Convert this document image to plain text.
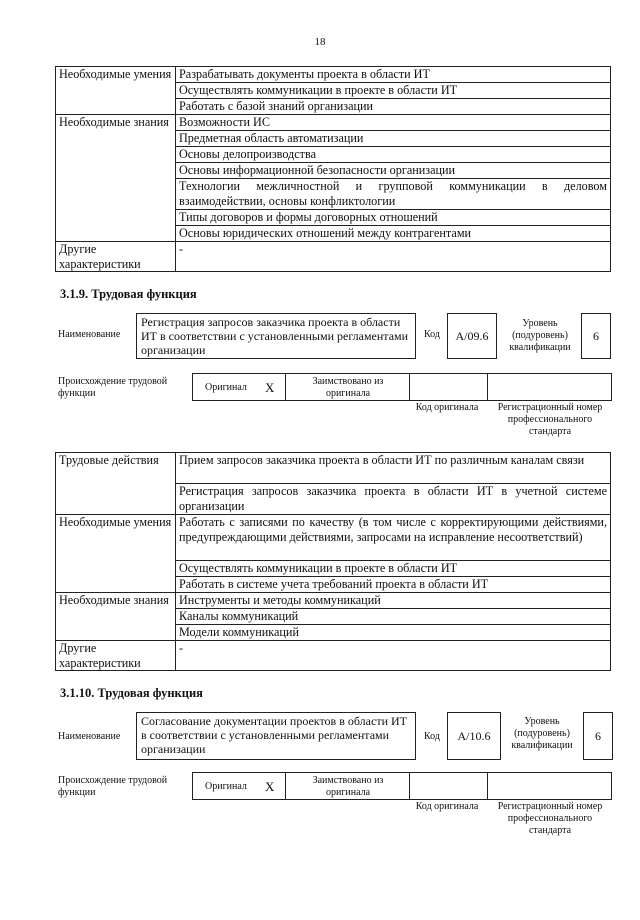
18
Необходимые умения	Разрабатывать документы проекта в области ИТ
	Осуществлять коммуникации в проекте в области ИТ
	Работать с базой знаний организации
Необходимые знания	Возможности ИС
	Предметная область автоматизации
	Основы делопроизводства
	Основы информационной безопасности организации
	Технологии межличностной и групповой коммуникации в деловом взаимодействии, основы конфликтологии
	Типы договоров и формы договорных отношений
	Основы юридических отношений между контрагентами
Другие характеристики	-
3.1.9. Трудовая функция
Наименование
Регистрация запросов заказчика проекта в области ИТ в соответствии с установленными регламентами организации
Код	А/09.6
Уровень (подуровень) квалификации
6
Происхождение трудовой функции
Оригинал X	Заимствовано из оригинала
Код оригинала	Регистрационный номер профессионального стандарта
Трудовые действия	Прием запросов заказчика проекта в области ИТ по различным каналам связи
	Регистрация запросов заказчика проекта в области ИТ в учетной системе организации
Необходимые умения	Работать с записями по качеству (в том числе с корректирующими действиями, предупреждающими действиями, запросами на исправление несоответствий)
	Осуществлять коммуникации в проекте в области ИТ
	Работать в системе учета требований проекта в области ИТ
Необходимые знания	Инструменты и методы коммуникаций
	Каналы коммуникаций
	Модели коммуникаций
Другие характеристики	-
3.1.10. Трудовая функция
Наименование
Согласование документации проектов в области ИТ в соответствии с установленными регламентами организации
Код	А/10.6
Уровень (подуровень) квалификации
6
Происхождение трудовой функции
Оригинал X	Заимствовано из оригинала
Код оригинала	Регистрационный номер профессионального стандарта
